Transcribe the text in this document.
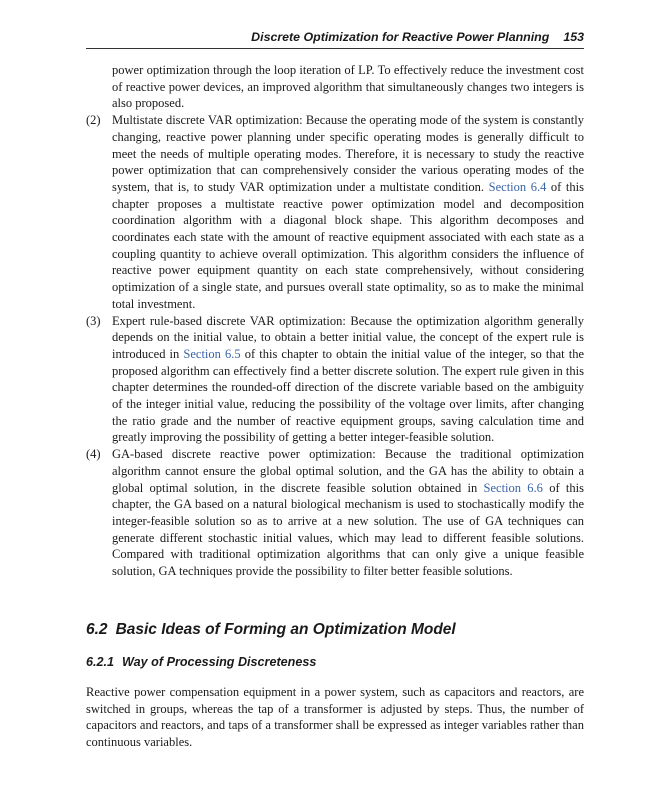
Discrete Optimization for Reactive Power Planning 153

power optimization through the loop iteration of LP. To effectively reduce the investment cost of reactive power devices, an improved algorithm that simultaneously changes two integers is also proposed.

(2) Multistate discrete VAR optimization: Because the operating mode of the system is constantly changing, reactive power planning under specific operating modes is generally difficult to meet the needs of multiple operating modes. Therefore, it is necessary to study the reactive power optimization that can comprehensively consider the various operating modes of the system, that is, to study VAR optimization under a multistate condition. Section 6.4 of this chapter proposes a multistate reactive power optimization model and decomposition coordination algorithm with a diagonal block shape. This algorithm decomposes and coordinates each state with the amount of reactive equipment associated with each state as a coupling quantity to achieve overall optimization. This algorithm considers the influence of reactive power equipment quantity on each state comprehensively, without considering optimization of a single state, and pursues overall state optimality, so as to make the minimal total investment.
(3) Expert rule-based discrete VAR optimization: Because the optimization algorithm generally depends on the initial value, to obtain a better initial value, the concept of the expert rule is introduced in Section 6.5 of this chapter to obtain the initial value of the integer, so that the proposed algorithm can effectively find a better discrete solution. The expert rule given in this chapter determines the rounded-off direction of the discrete variable based on the ambiguity of the integer initial value, reducing the possibility of the voltage over limits, after changing the ratio grade and the number of reactive equipment groups, saving calculation time and greatly improving the possibility of getting a better integer-feasible solution.
(4) GA-based discrete reactive power optimization: Because the traditional optimization algorithm cannot ensure the global optimal solution, and the GA has the ability to obtain a global optimal solution, in the discrete feasible solution obtained in Section 6.6 of this chapter, the GA based on a natural biological mechanism is used to stochastically modify the integer-feasible solution so as to arrive at a new solution. The use of GA techniques can generate different stochastic initial values, which may lead to different feasible solutions. Compared with traditional optimization algorithms that can only give a unique feasible solution, GA techniques provide the possibility to filter better feasible solutions.
6.2 Basic Ideas of Forming an Optimization Model
6.2.1 Way of Processing Discreteness

Reactive power compensation equipment in a power system, such as capacitors and reactors, are switched in groups, whereas the tap of a transformer is adjusted by steps. Thus, the number of capacitors and reactors, and taps of a transformer shall be expressed as integer variables rather than continuous variables.
